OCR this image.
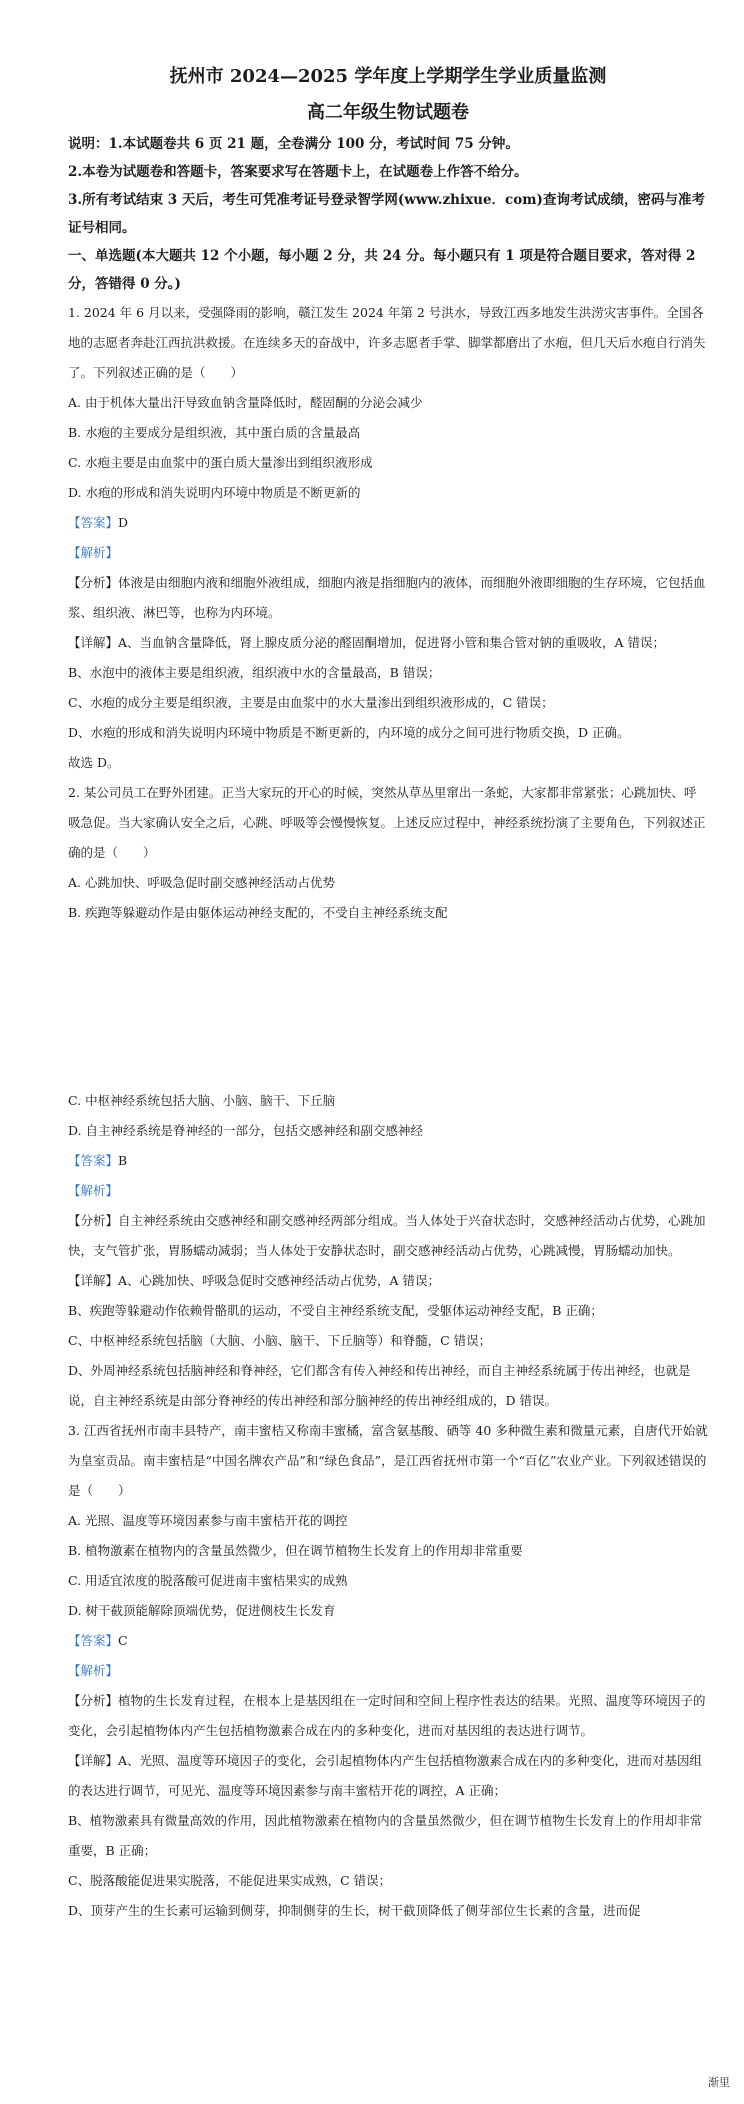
抚州市 2024—2025 学年度上学期学生学业质量监测

高二年级生物试题卷

说明：1.本试题卷共 6 页 21 题，全卷满分 100 分，考试时间 75 分钟。

2.本卷为试题卷和答题卡，答案要求写在答题卡上，在试题卷上作答不给分。

3.所有考试结束 3 天后，考生可凭准考证号登录智学网(www.zhixue．com)查询考试成绩，密码与准考证号相同。

一、单选题(本大题共 12 个小题，每小题 2 分，共 24 分。每小题只有 1 项是符合题目要求，答对得 2 分，答错得 0 分。)

1. 2024 年 6 月以来，受强降雨的影响，赣江发生 2024 年第 2 号洪水，导致江西多地发生洪涝灾害事件。全国各地的志愿者奔赴江西抗洪救援。在连续多天的奋战中，许多志愿者手掌、脚掌都磨出了水疱，但几天后水疱自行消失了。下列叙述正确的是（　　）

A. 由于机体大量出汗导致血钠含量降低时，醛固酮的分泌会减少

B. 水疱的主要成分是组织液，其中蛋白质的含量最高

C. 水疱主要是由血浆中的蛋白质大量渗出到组织液形成

D. 水疱的形成和消失说明内环境中物质是不断更新的

【答案】D

【解析】

【分析】体液是由细胞内液和细胞外液组成，细胞内液是指细胞内的液体，而细胞外液即细胞的生存环境，它包括血浆、组织液、淋巴等，也称为内环境。

【详解】A、当血钠含量降低，肾上腺皮质分泌的醛固酮增加，促进肾小管和集合管对钠的重吸收，A 错误；

B、水泡中的液体主要是组织液，组织液中水的含量最高，B 错误；

C、水疱的成分主要是组织液，主要是由血浆中的水大量渗出到组织液形成的，C 错误；

D、水疱的形成和消失说明内环境中物质是不断更新的，内环境的成分之间可进行物质交换，D 正确。

故选 D。

2. 某公司员工在野外团建。正当大家玩的开心的时候，突然从草丛里窜出一条蛇，大家都非常紧张；心跳加快、呼吸急促。当大家确认安全之后，心跳、呼吸等会慢慢恢复。上述反应过程中，神经系统扮演了主要角色，下列叙述正确的是（　　）

A. 心跳加快、呼吸急促时副交感神经活动占优势

B. 疾跑等躲避动作是由躯体运动神经支配的，不受自主神经系统支配

C. 中枢神经系统包括大脑、小脑、脑干、下丘脑

D. 自主神经系统是脊神经的一部分，包括交感神经和副交感神经

【答案】B

【解析】

【分析】自主神经系统由交感神经和副交感神经两部分组成。当人体处于兴奋状态时，交感神经活动占优势，心跳加快，支气管扩张，胃肠蠕动减弱；当人体处于安静状态时，副交感神经活动占优势，心跳减慢，胃肠蠕动加快。

【详解】A、心跳加快、呼吸急促时交感神经活动占优势，A 错误；

B、疾跑等躲避动作依赖骨骼肌的运动，不受自主神经系统支配，受躯体运动神经支配，B 正确；

C、中枢神经系统包括脑（大脑、小脑、脑干、下丘脑等）和脊髓，C 错误；

D、外周神经系统包括脑神经和脊神经，它们都含有传入神经和传出神经，而自主神经系统属于传出神经，也就是说，自主神经系统是由部分脊神经的传出神经和部分脑神经的传出神经组成的，D 错误。

3. 江西省抚州市南丰县特产，南丰蜜桔又称南丰蜜橘，富含氨基酸、硒等 40 多种微生素和微量元素，自唐代开始就为皇室贡品。南丰蜜桔是“中国名牌农产品”和“绿色食品”，是江西省抚州市第一个“百亿”农业产业。下列叙述错误的是（　　）

A. 光照、温度等环境因素参与南丰蜜桔开花的调控

B. 植物激素在植物内的含量虽然微少，但在调节植物生长发育上的作用却非常重要

C. 用适宜浓度的脱落酸可促进南丰蜜桔果实的成熟

D. 树干截顶能解除顶端优势，促进侧枝生长发育

【答案】C

【解析】

【分析】植物的生长发育过程，在根本上是基因组在一定时间和空间上程序性表达的结果。光照、温度等环境因子的变化，会引起植物体内产生包括植物激素合成在内的多种变化，进而对基因组的表达进行调节。

【详解】A、光照、温度等环境因子的变化，会引起植物体内产生包括植物激素合成在内的多种变化，进而对基因组的表达进行调节，可见光、温度等环境因素参与南丰蜜桔开花的调控，A 正确；

B、植物激素具有微量高效的作用，因此植物激素在植物内的含量虽然微少，但在调节植物生长发育上的作用却非常重要，B 正确；

C、脱落酸能促进果实脱落，不能促进果实成熟，C 错误；

D、顶芽产生的生长素可运输到侧芽，抑制侧芽的生长，树干截顶降低了侧芽部位生长素的含量，进而促

渐里
